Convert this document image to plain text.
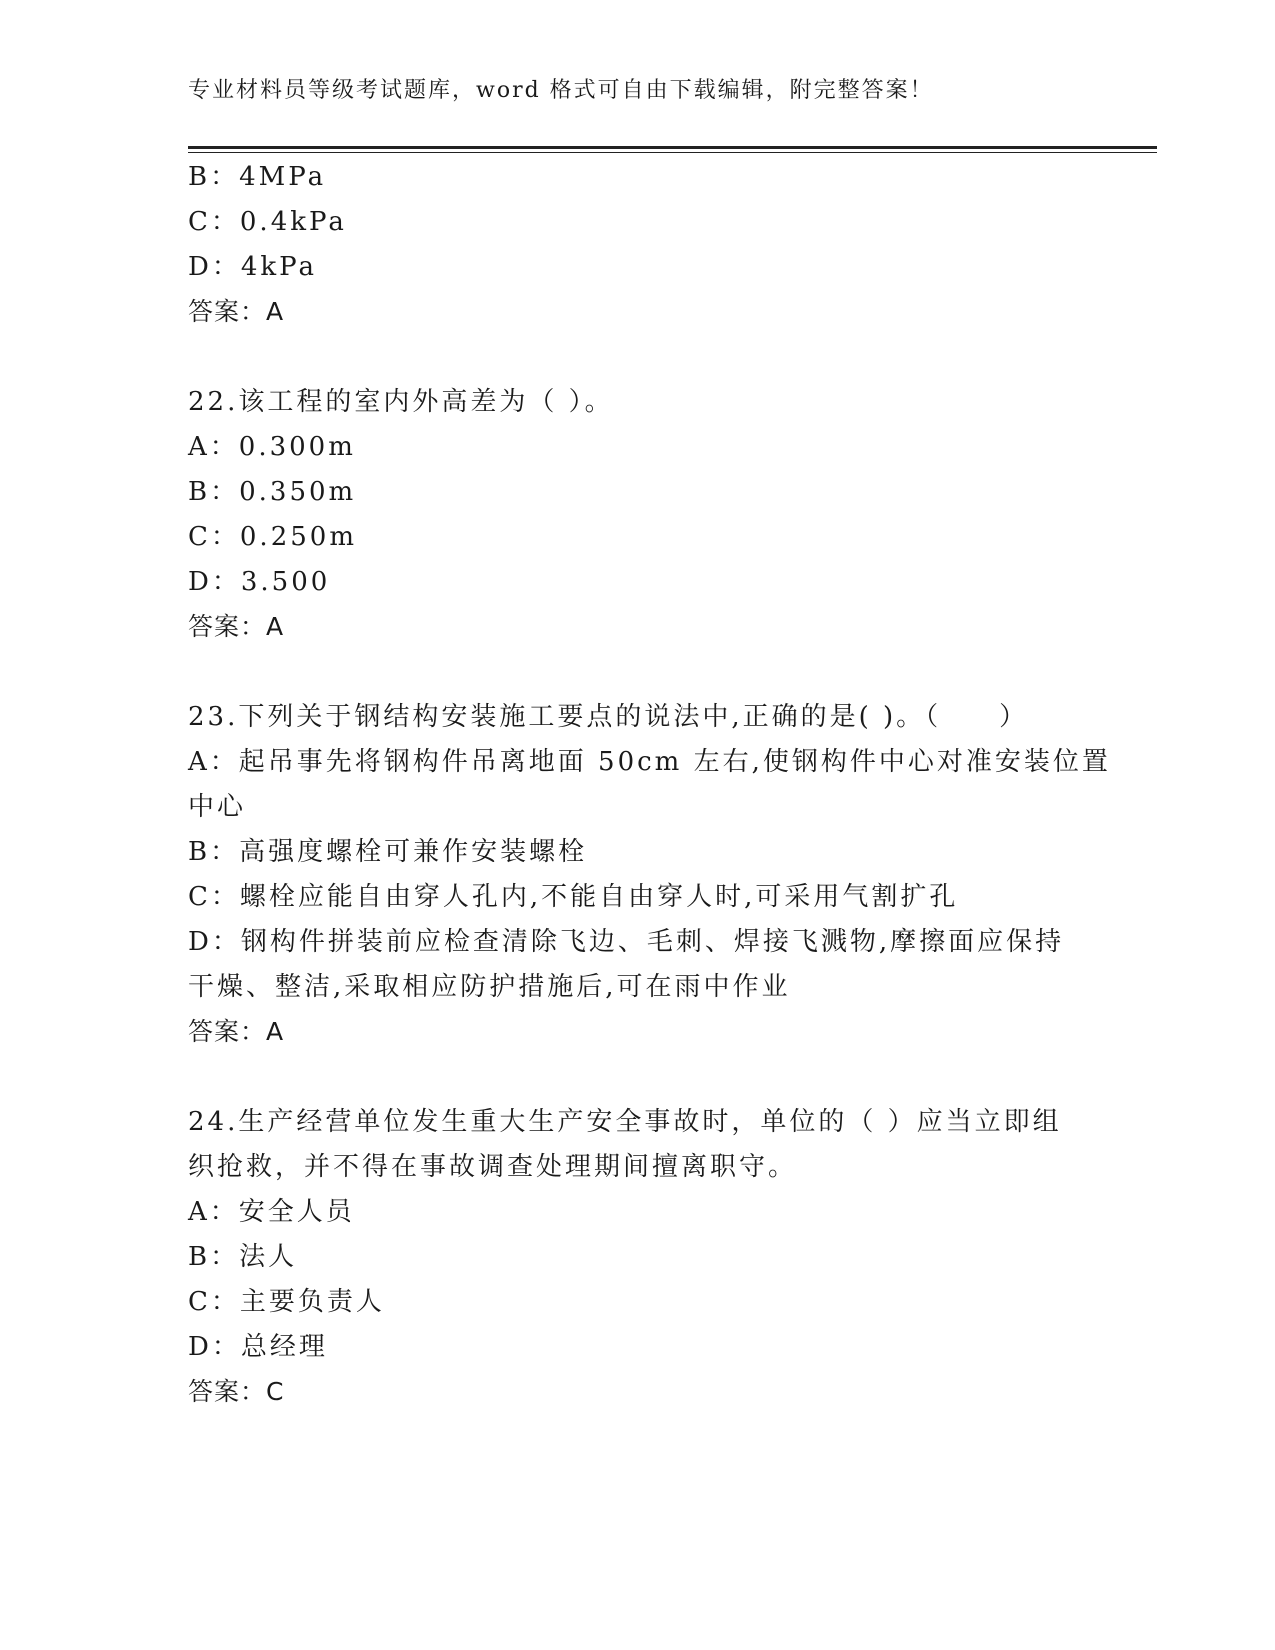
专业材料员等级考试题库，word 格式可自由下载编辑，附完整答案！
B：4MPa
C：0.4kPa
D：4kPa
答案：A
22.该工程的室内外高差为（ ）。
A：0.300m
B：0.350m
C：0.250m
D：3.500
答案：A
23.下列关于钢结构安装施工要点的说法中,正确的是( )。（　　）
A：起吊事先将钢构件吊离地面 50cm 左右,使钢构件中心对准安装位置
中心
B：高强度螺栓可兼作安装螺栓
C：螺栓应能自由穿人孔内,不能自由穿人时,可采用气割扩孔
D：钢构件拼装前应检查清除飞边、毛刺、焊接飞溅物,摩擦面应保持
干燥、整洁,采取相应防护措施后,可在雨中作业
答案：A
24.生产经营单位发生重大生产安全事故时，单位的（ ）应当立即组
织抢救，并不得在事故调查处理期间擅离职守。
A：安全人员
B：法人
C：主要负责人
D：总经理
答案：C
